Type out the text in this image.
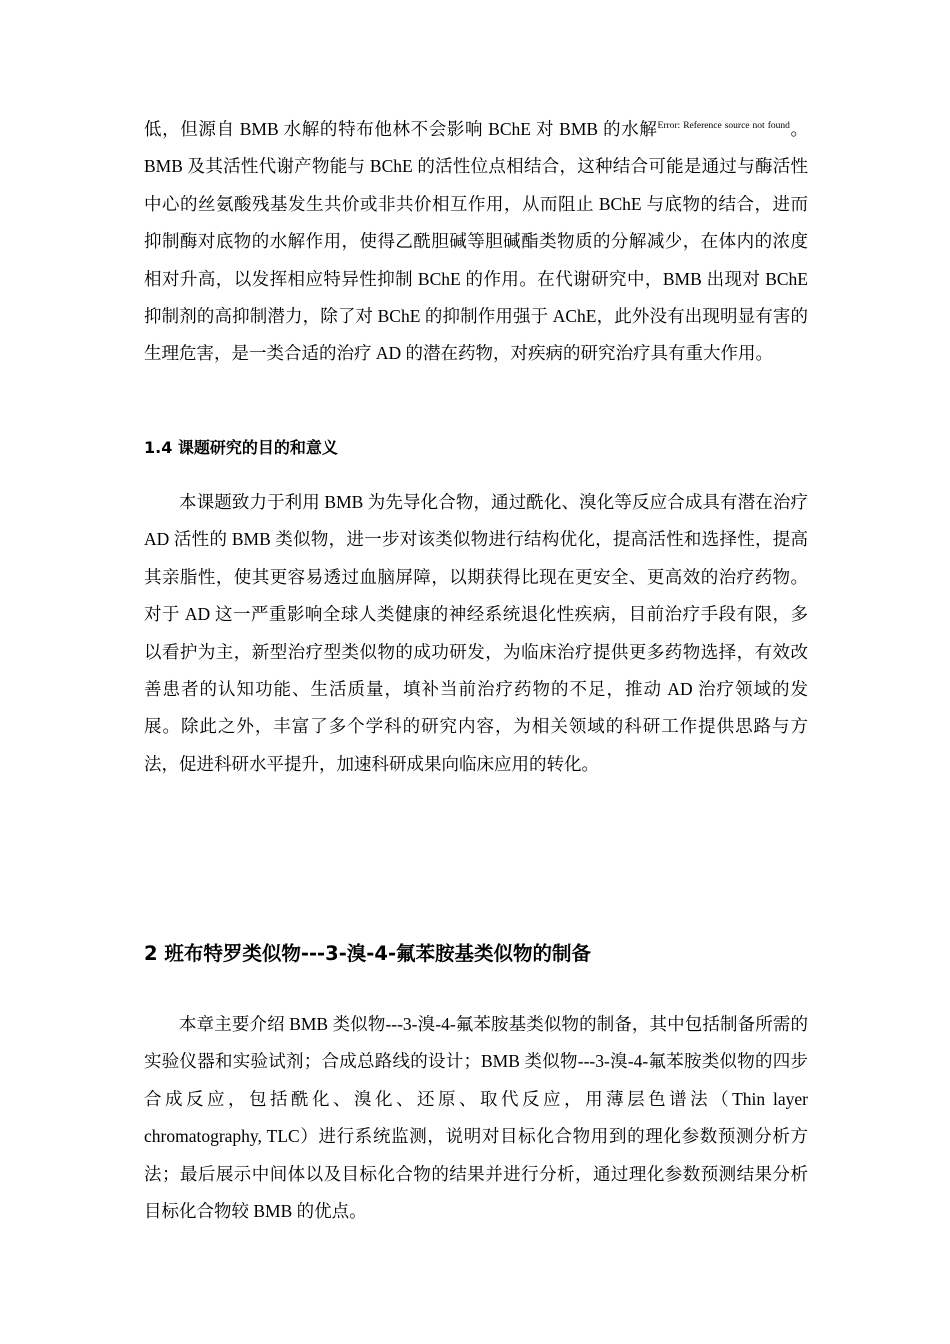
低，但源自 BMB 水解的特布他林不会影响 BChE 对 BMB 的水解$^{Error: Reference source not found}$。BMB 及其活性代谢产物能与 BChE 的活性位点相结合，这种结合可能是通过与酶活性中心的丝氨酸残基发生共价或非共价相互作用，从而阻止 BChE 与底物的结合，进而抑制酶对底物的水解作用，使得乙酰胆碱等胆碱酯类物质的分解减少，在体内的浓度相对升高，以发挥相应特异性抑制 BChE 的作用。在代谢研究中，BMB 出现对 BChE 抑制剂的高抑制潜力，除了对 BChE 的抑制作用强于 AChE，此外没有出现明显有害的生理危害，是一类合适的治疗 AD 的潜在药物，对疾病的研究治疗具有重大作用。

1.4 课题研究的目的和意义

本课题致力于利用 BMB 为先导化合物，通过酰化、溴化等反应合成具有潜在治疗 AD 活性的 BMB 类似物，进一步对该类似物进行结构优化，提高活性和选择性，提高其亲脂性，使其更容易透过血脑屏障，以期获得比现在更安全、更高效的治疗药物。对于 AD 这一严重影响全球人类健康的神经系统退化性疾病，目前治疗手段有限，多以看护为主，新型治疗型类似物的成功研发，为临床治疗提供更多药物选择，有效改善患者的认知功能、生活质量，填补当前治疗药物的不足，推动 AD 治疗领域的发展。除此之外，丰富了多个学科的研究内容，为相关领域的科研工作提供思路与方法，促进科研水平提升，加速科研成果向临床应用的转化。

2 班布特罗类似物---3-溴-4-氟苯胺基类似物的制备

本章主要介绍 BMB 类似物---3-溴-4-氟苯胺基类似物的制备，其中包括制备所需的实验仪器和实验试剂；合成总路线的设计；BMB 类似物---3-溴-4-氟苯胺类似物的四步合成反应，包括酰化、溴化、还原、取代反应，用薄层色谱法（Thin layer chromatography, TLC）进行系统监测，说明对目标化合物用到的理化参数预测分析方法；最后展示中间体以及目标化合物的结果并进行分析，通过理化参数预测结果分析目标化合物较 BMB 的优点。
